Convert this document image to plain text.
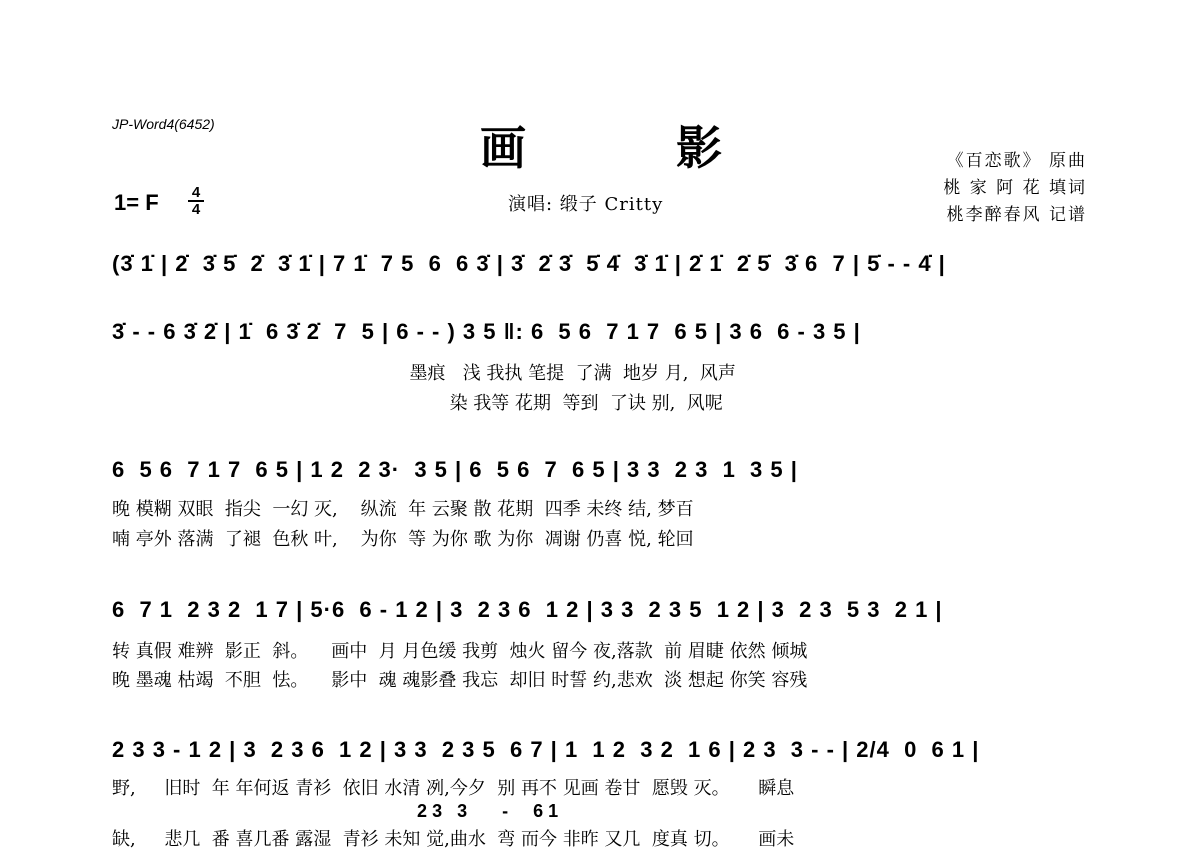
JP-Word4(6452)	画	影	《百恋歌》 原曲
桃 家 阿 花 填词
桃李醉春风 记谱
演唱: 缎子 Critty
1= F	4
4
(3̇ 1̇ | 2̇  3̇ 5̇  2̇  3̇ 1̇ | 7 1̇  7 5  6  6 3̇ | 3̇  2̇ 3̇  5̇ 4̇  3̇ 1̇ | 2̇ 1̇  2̇ 5̇  3̇ 6  7 | 5̇ - - 4̇ |
3̇ - - 6 3̇ 2̇ | 1̇  6 3̇ 2̇  7  5 | 6 - - ) 3 5 ‖: 6  5 6  7 1 7  6 5 | 3 6  6 - 3 5 |
墨痕   浅 我执 笔提  了满  地岁 月,  风声
染 我等 花期  等到  了诀 别,  风呢
6  5 6  7 1 7  6 5 | 1 2  2 3·  3 5 | 6  5 6  7  6 5 | 3 3  2 3  1  3 5 |
晚 模糊 双眼  指尖  一幻 灭,    纵流  年 云聚 散 花期  四季 未终 结, 梦百
喃 亭外 落满  了褪  色秋 叶,    为你  等 为你 歌 为你  凋谢 仍喜 悦, 轮回
6  7 1  2 3 2  1 7 | 5·6  6 - 1 2 | 3  2 3 6  1 2 | 3 3  2 3 5  1 2 | 3  2 3  5 3  2 1 |
转 真假 难辨  影正  斜。    画中  月 月色缓 我剪  烛火 留今 夜,落款  前 眉睫 依然 倾城
晚 墨魂 枯竭  不胆  怯。    影中  魂 魂影叠 我忘  却旧 时誓 约,悲欢  淡 想起 你笑 容残
2 3 3 - 1 2 | 3  2 3 6  1 2 | 3 3  2 3 5  6 7 | 1  1 2  3 2  1 6 | 2 3  3 - - | 2/4  0  6 1 |
野,     旧时  年 年何返 青衫  依旧 水清 冽,今夕  别 再不 见画 卷甘  愿毁 灭。     瞬息
2 3   3       -     6 1
缺,     悲几  番 喜几番 露湿  青衫 未知 觉,曲水  弯 而今 非昨 又几  度真 切。     画未
